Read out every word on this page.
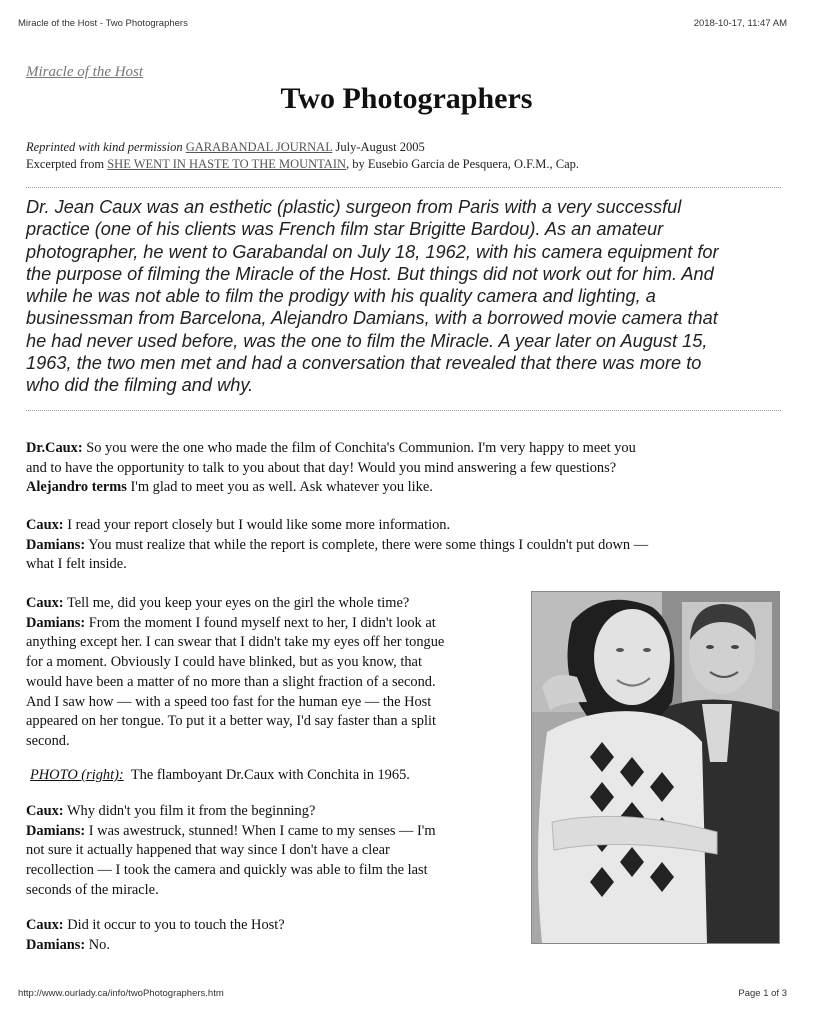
Miracle of the Host - Two Photographers	2018-10-17, 11:47 AM
Miracle of the Host
Two Photographers
Reprinted with kind permission GARABANDAL JOURNAL July-August 2005
Excerpted from SHE WENT IN HASTE TO THE MOUNTAIN, by Eusebio Garcia de Pesquera, O.F.M., Cap.
Dr. Jean Caux was an esthetic (plastic) surgeon from Paris with a very successful
practice (one of his clients was French film star Brigitte Bardou). As an amateur
photographer, he went to Garabandal on July 18, 1962, with his camera equipment for
the purpose of filming the Miracle of the Host. But things did not work out for him. And
while he was not able to film the prodigy with his quality camera and lighting, a
businessman from Barcelona, Alejandro Damians, with a borrowed movie camera that
he had never used before, was the one to film the Miracle. A year later on August 15,
1963, the two men met and had a conversation that revealed that there was more to
who did the filming and why.
Dr.Caux: So you were the one who made the film of Conchita's Communion. I'm very happy to meet you
and to have the opportunity to talk to you about that day! Would you mind answering a few questions?
Alejandro terms I'm glad to meet you as well. Ask whatever you like.
Caux: I read your report closely but I would like some more information.
Damians: You must realize that while the report is complete, there were some things I couldn't put down —
what I felt inside.
Caux: Tell me, did you keep your eyes on the girl the whole time?
Damians: From the moment I found myself next to her, I didn't look at
anything except her. I can swear that I didn't take my eyes off her tongue
for a moment. Obviously I could have blinked, but as you know, that
would have been a matter of no more than a slight fraction of a second.
And I saw how — with a speed too fast for the human eye — the Host
appeared on her tongue. To put it a better way, I'd say faster than a split
second.
PHOTO (right): The flamboyant Dr.Caux with Conchita in 1965.
Caux: Why didn't you film it from the beginning?
Damians: I was awestruck, stunned! When I came to my senses — I'm
not sure it actually happened that way since I don't have a clear
recollection — I took the camera and quickly was able to film the last
seconds of the miracle.
Caux: Did it occur to you to touch the Host?
Damians: No.
http://www.ourlady.ca/info/twoPhotographers.htm	Page 1 of 3
